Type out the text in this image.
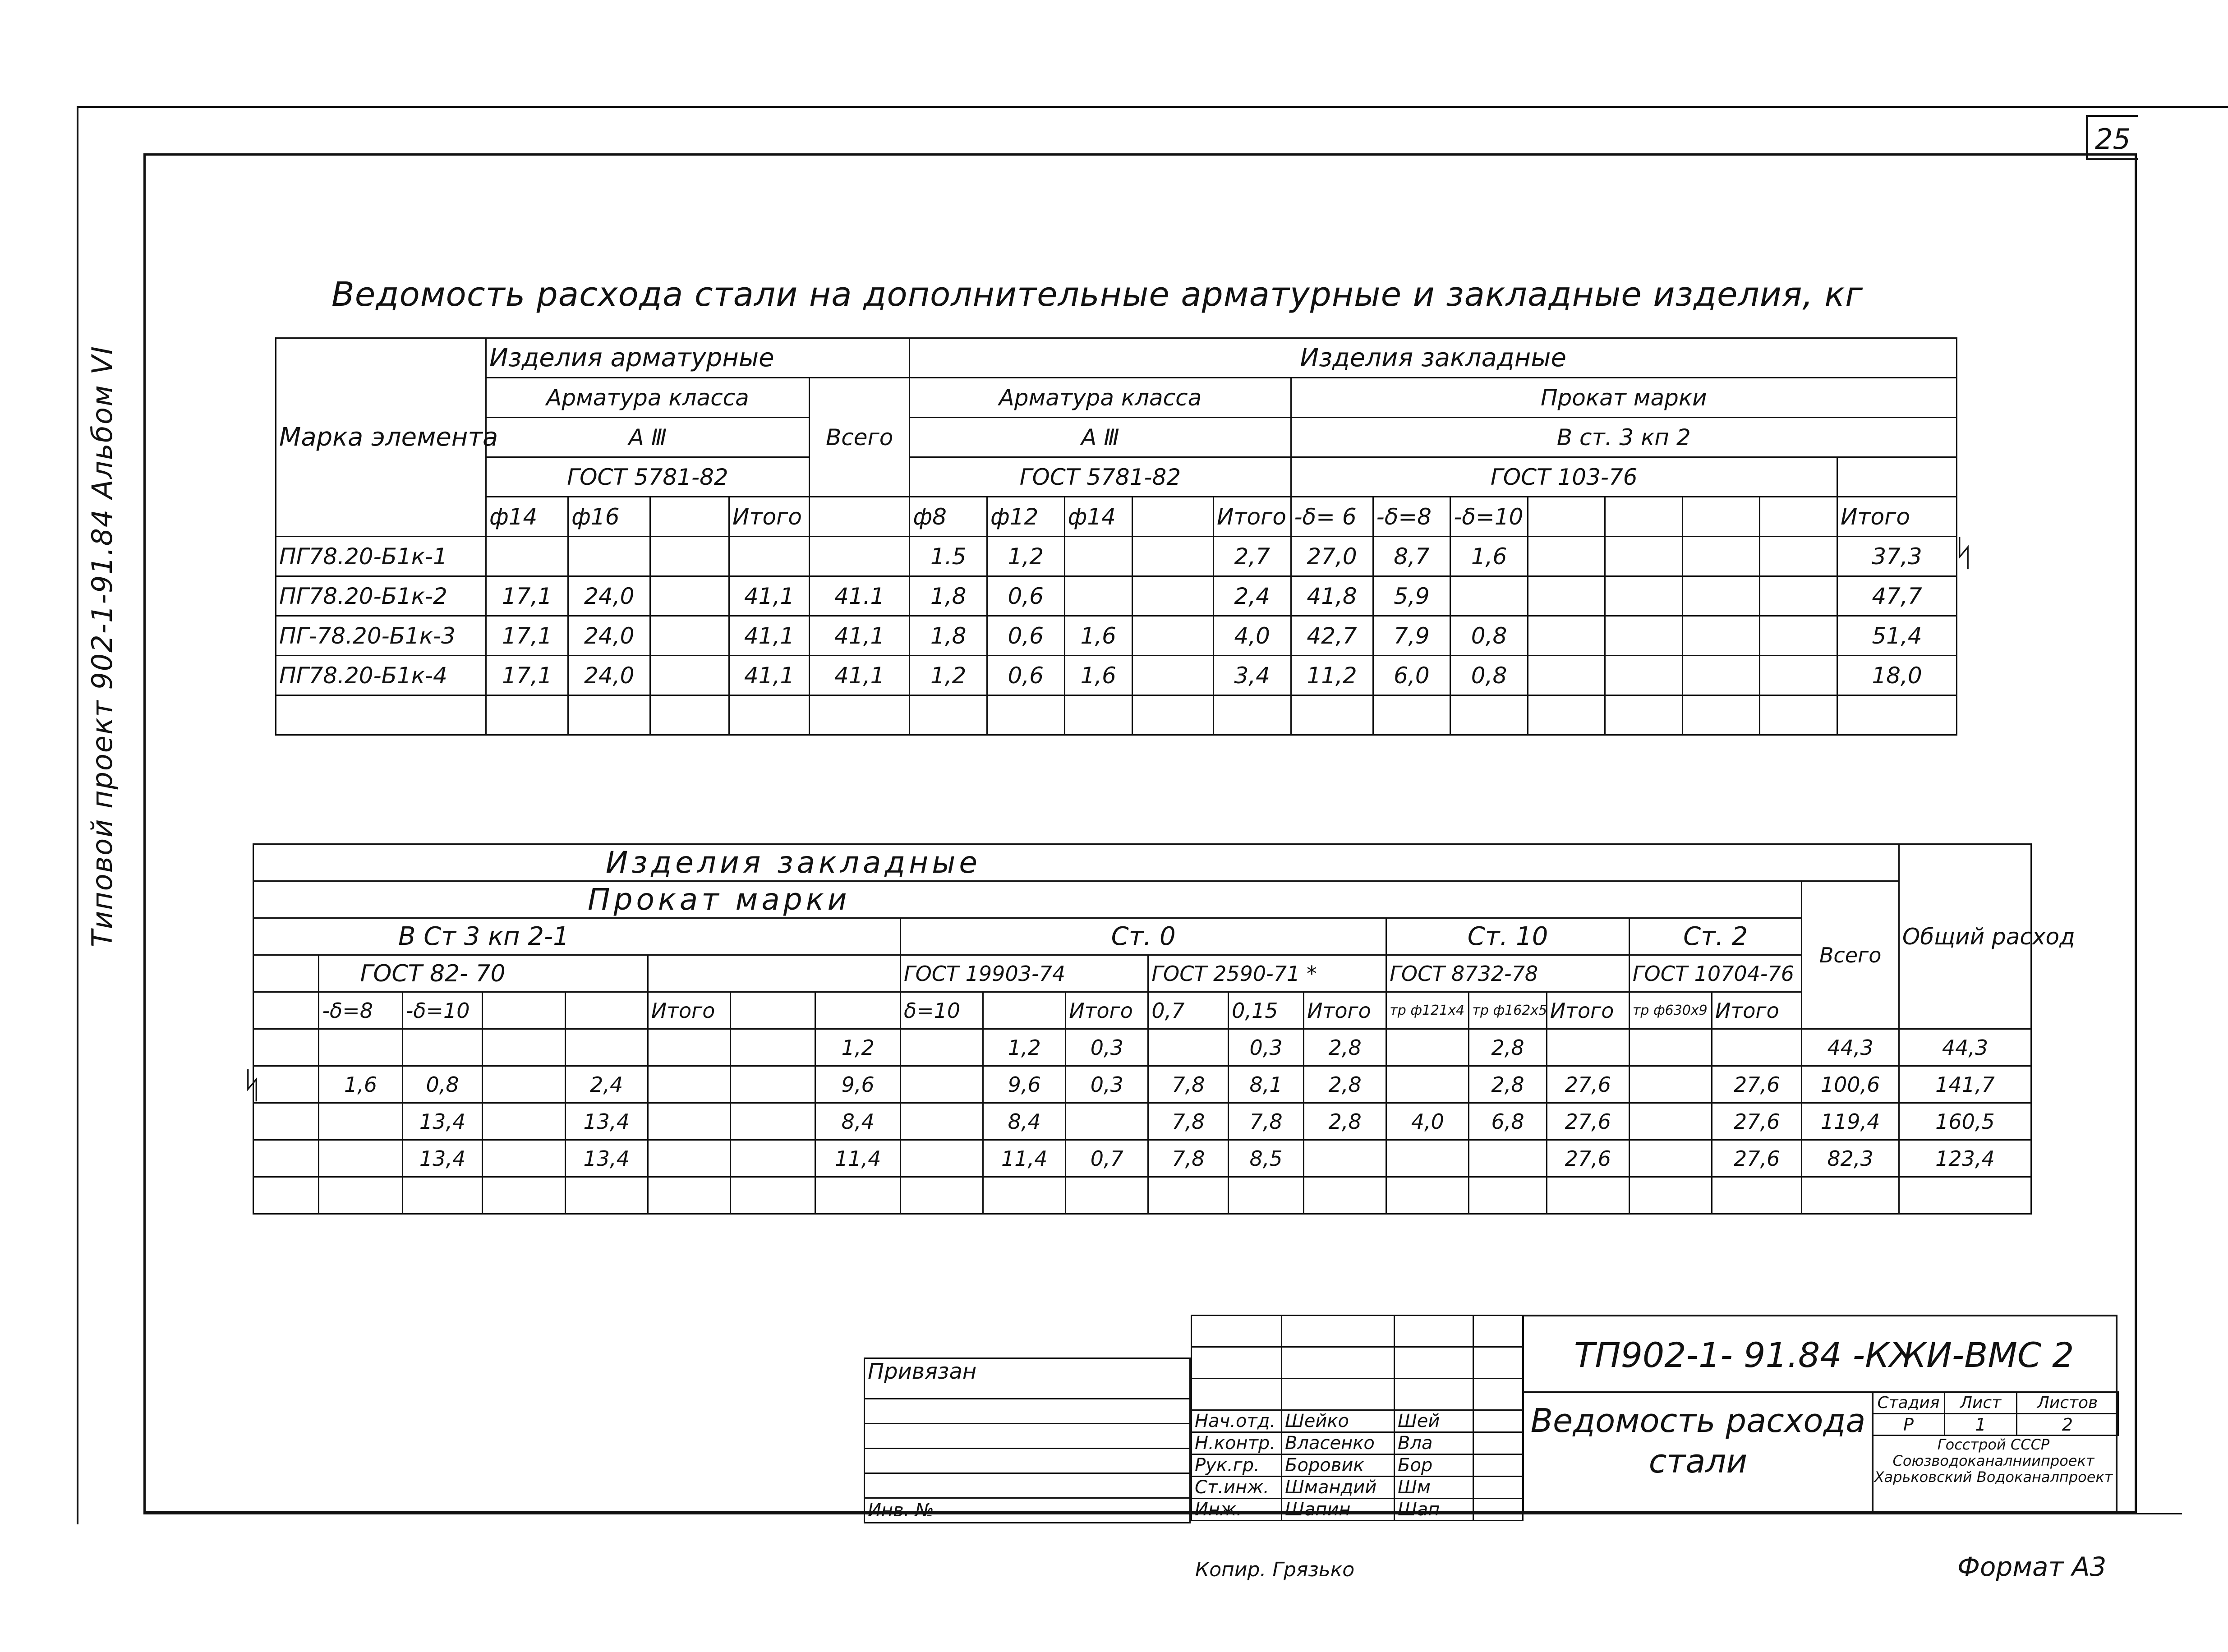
25
Типовой проект 902-1-91.84 Альбом VI
Ведомость расхода стали на дополнительные арматурные и закладные изделия, кг
Марка элемента	Изделия арматурные					Изделия закладные												
	Арматура класса				Всего	Арматура класса					Прокат марки							
	А Ⅲ					А Ⅲ					В ст. 3 кп 2							
	ГОСТ 5781-82					ГОСТ 5781-82					ГОСТ 103-76							
	ф14	ф16		Итого		ф8	ф12	ф14		Итого	-δ= 6	-δ=8	-δ=10					Итого
ПГ78.20-Б1к-1						1.5	1,2			2,7	27,0	8,7	1,6					37,3
ПГ78.20-Б1к-2	17,1	24,0		41,1	41.1	1,8	0,6			2,4	41,8	5,9						47,7
ПГ-78.20-Б1к-3	17,1	24,0		41,1	41,1	1,8	0,6	1,6		4,0	42,7	7,9	0,8					51,4
ПГ78.20-Б1к-4	17,1	24,0		41,1	41,1	1,2	0,6	1,6		3,4	11,2	6,0	0,8					18,0

ᛋ
Изделия закладные																				Общий расход
Прокат марки																			Всего	
В Ст 3 кп 2-1								Ст. 0						Ст. 10			Ст. 2			
	ГОСТ 82- 70							ГОСТ 19903-74			ГОСТ 2590-71 *			ГОСТ 8732-78			ГОСТ 10704-76			
	-δ=8	-δ=10			Итого			δ=10		Итого	0,7	0,15	Итого	тр ф121х4	тр ф162х5	Итого	тр ф630х9	Итого		
							1,2		1,2	0,3		0,3	2,8		2,8				44,3	44,3
	1,6	0,8		2,4			9,6		9,6	0,3	7,8	8,1	2,8		2,8	27,6		27,6	100,6	141,7
		13,4		13,4			8,4		8,4		7,8	7,8	2,8	4,0	6,8	27,6		27,6	119,4	160,5
		13,4		13,4			11,4		11,4	0,7	7,8	8,5				27,6		27,6	82,3	123,4

ᛋ

Нач.отд.	Шейко	Шей	
Н.контр.	Власенко	Вла	
Рук.гр.	Боровик	Бор	
Ст.инж.	Шмандий	Шм	
Инж.	Шапин	Шап	
Привязан

Инв. №
ТП902-1- 91.84 -КЖИ-ВМС 2
Ведомость расхода стали
Стадия	Лист	Листов
Р	1	2
Госстрой СССР Союзводоканалниипроект Харьковский Водоканалпроект
Копир. Грязько	Формат А3
